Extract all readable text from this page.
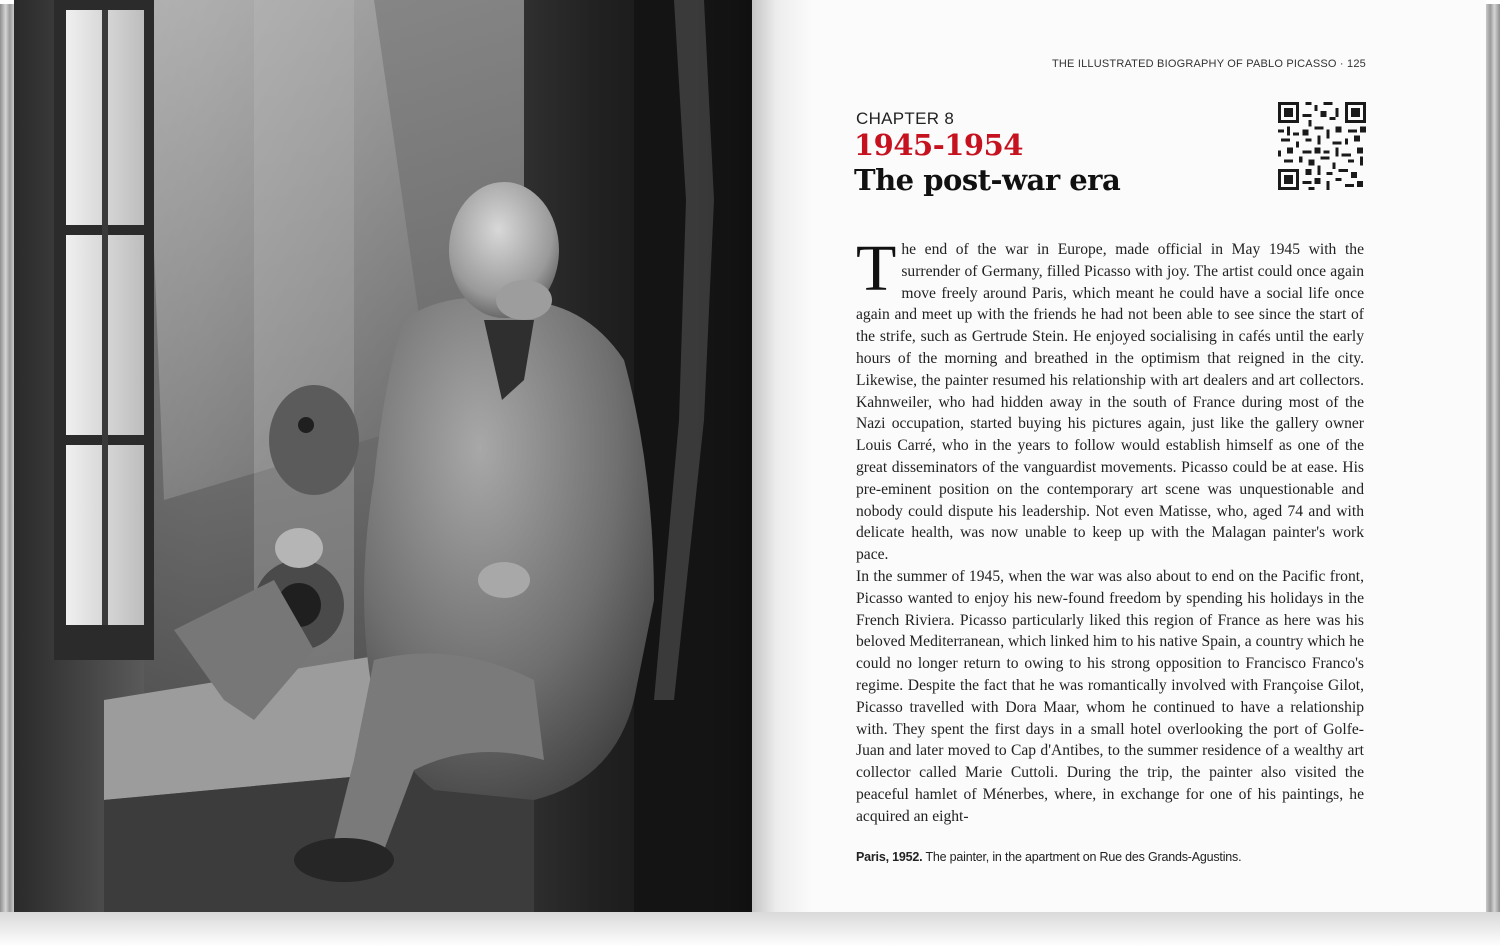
THE ILLUSTRATED BIOGRAPHY OF PABLO PICASSO · 125
CHAPTER 8
1945-1954
The post-war era

The end of the war in Europe, made official in May 1945 with the surrender of Germany, filled Picasso with joy. The artist could once again move freely around Paris, which meant he could have a social life once again and meet up with the friends he had not been able to see since the start of the strife, such as Gertrude Stein. He enjoyed socialising in cafés until the early hours of the morning and breathed in the optimism that reigned in the city. Likewise, the painter resumed his relationship with art dealers and art collectors. Kahnweiler, who had hidden away in the south of France during most of the Nazi occupation, started buying his pictures again, just like the gallery owner Louis Carré, who in the years to follow would establish himself as one of the great disseminators of the vanguardist movements. Picasso could be at ease. His pre-eminent position on the contemporary art scene was unquestionable and nobody could dispute his leadership. Not even Matisse, who, aged 74 and with delicate health, was now unable to keep up with the Malagan painter's work pace.

In the summer of 1945, when the war was also about to end on the Pacific front, Picasso wanted to enjoy his new-found freedom by spending his holidays in the French Riviera. Picasso particularly liked this region of France as here was his beloved Mediterranean, which linked him to his native Spain, a country which he could no longer return to owing to his strong opposition to Francisco Franco's regime. Despite the fact that he was romantically involved with Françoise Gilot, Picasso travelled with Dora Maar, whom he continued to have a relationship with. They spent the first days in a small hotel overlooking the port of Golfe-Juan and later moved to Cap d'Antibes, to the summer residence of a wealthy art collector called Marie Cuttoli. During the trip, the painter also visited the peaceful hamlet of Ménerbes, where, in exchange for one of his paintings, he acquired an eight-

Paris, 1952. The painter, in the apartment on Rue des Grands-Agustins.
